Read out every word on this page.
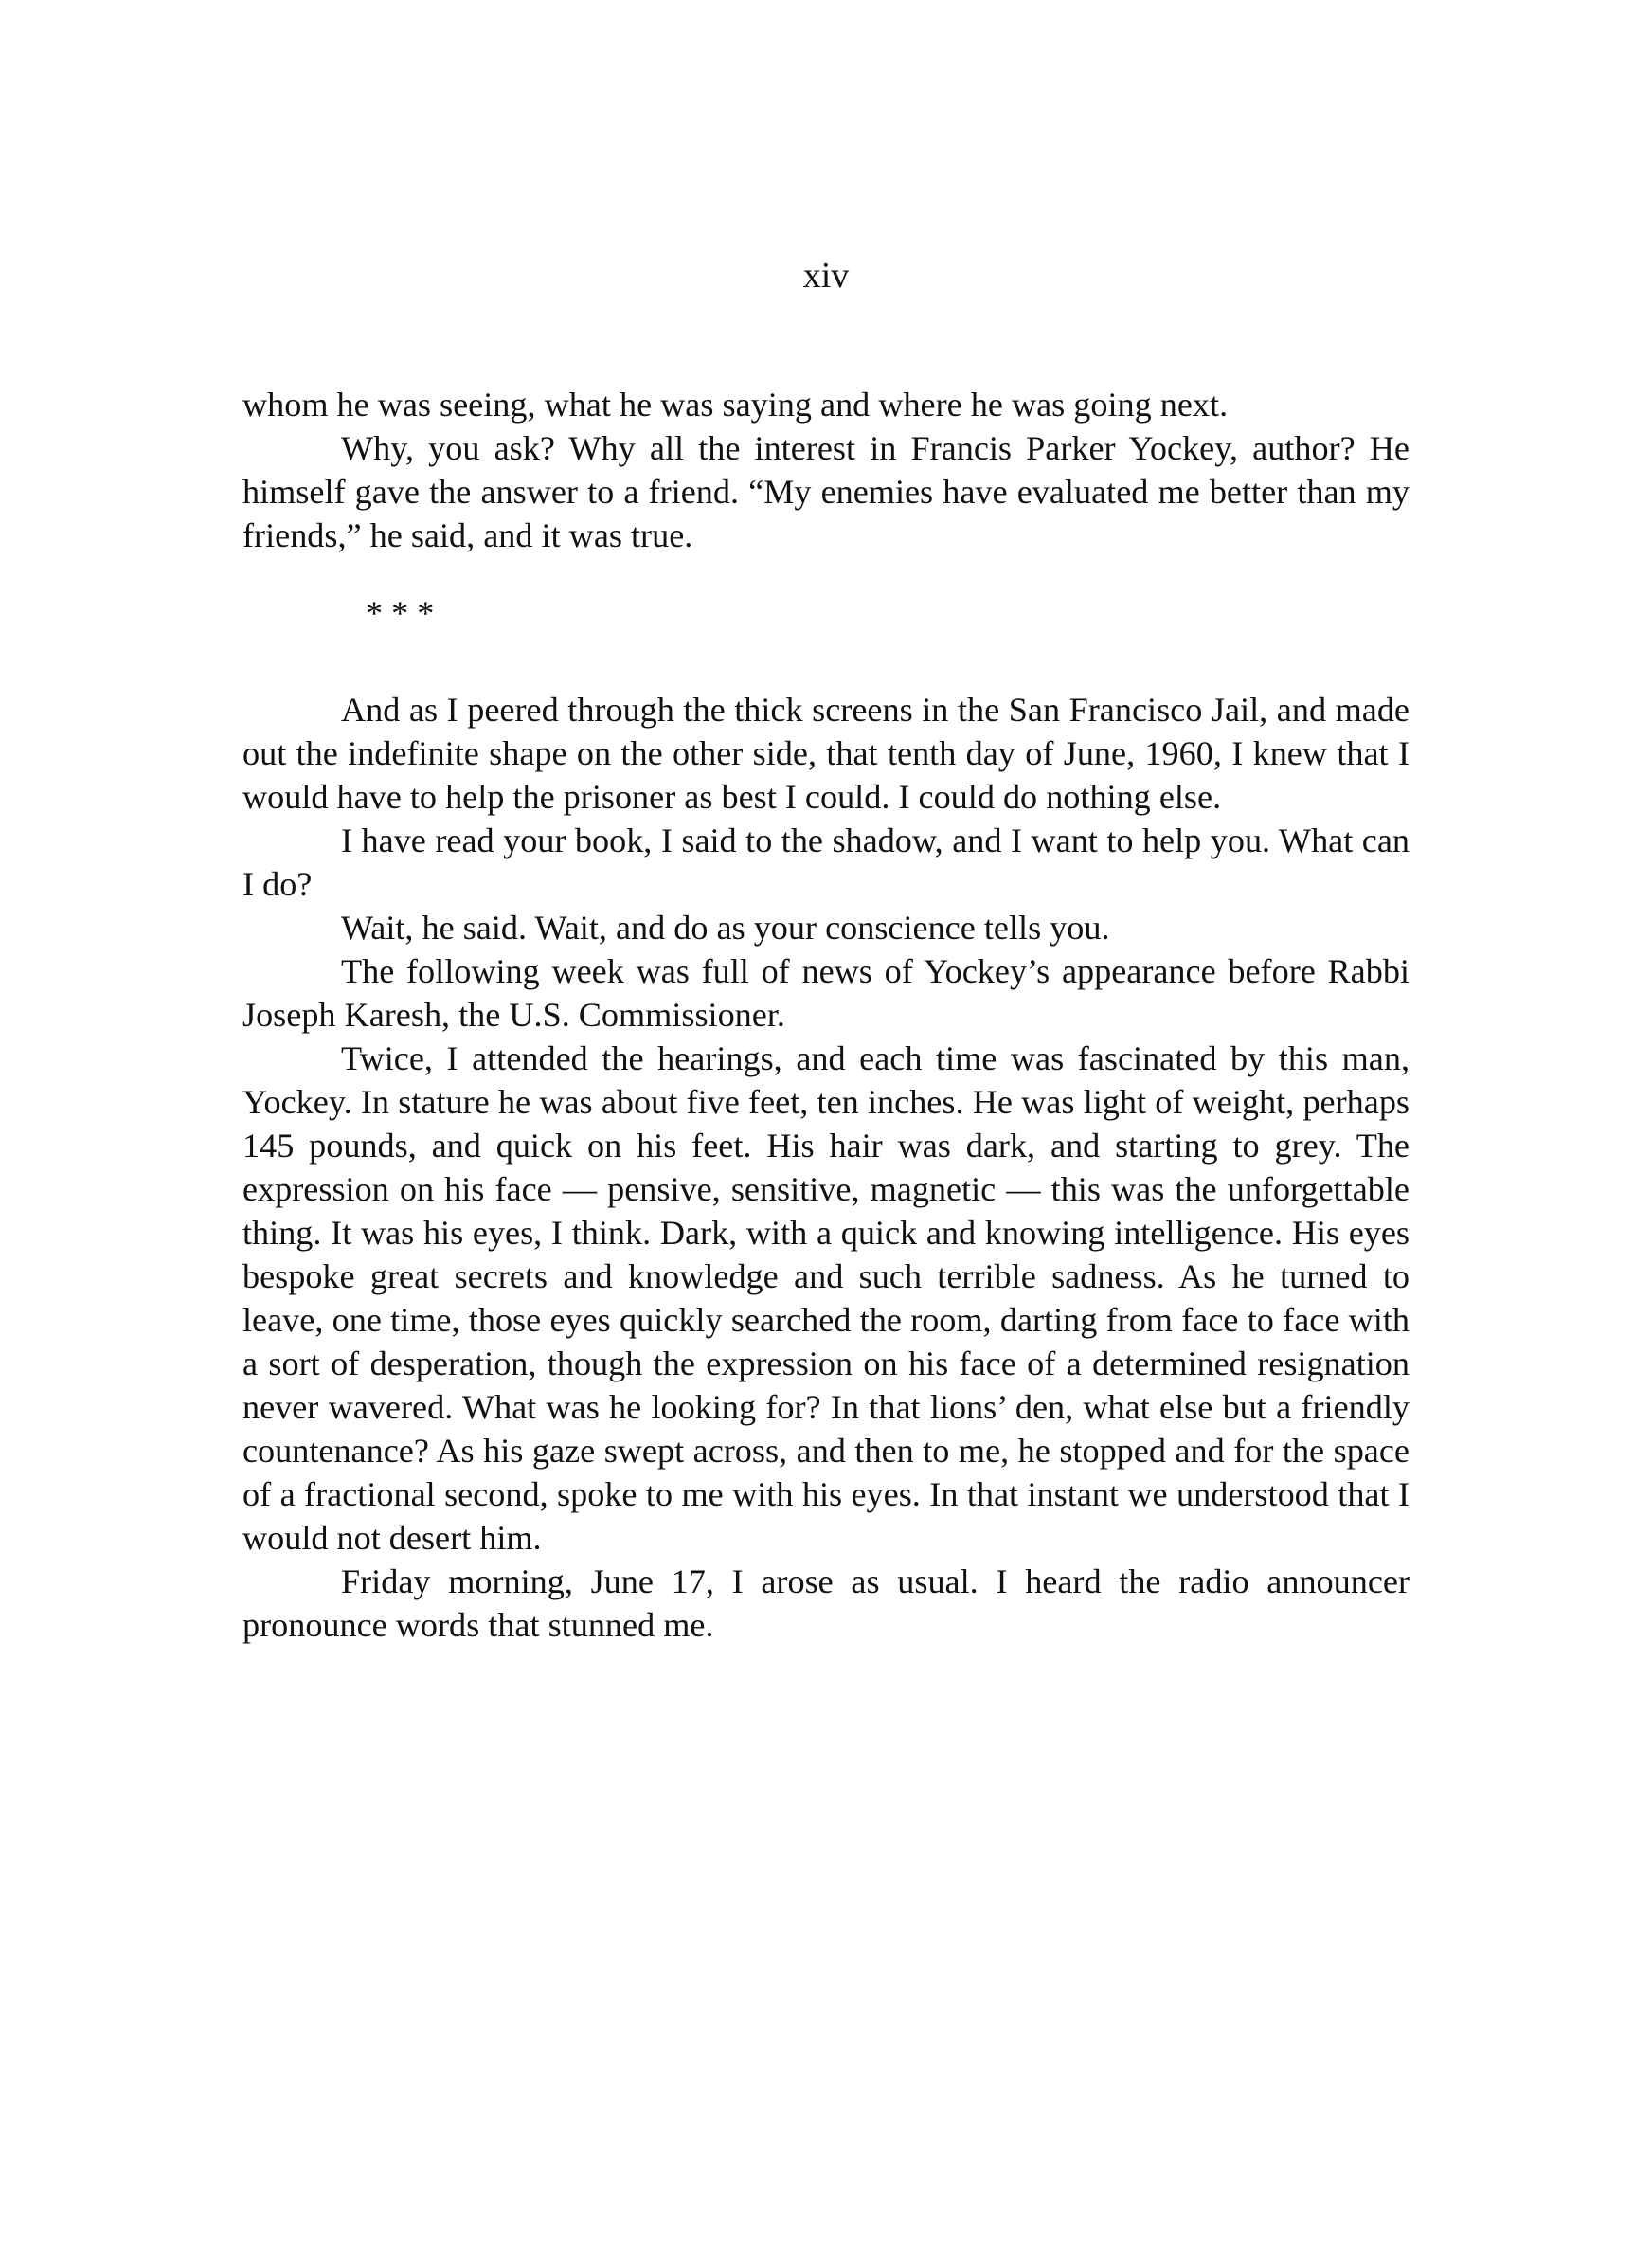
xiv

whom he was seeing, what he was saying and where he was going next.

Why, you ask? Why all the interest in Francis Parker Yockey, author? He himself gave the answer to a friend. “My enemies have evaluated me better than my friends,” he said, and it was true.

* * *

And as I peered through the thick screens in the San Francisco Jail, and made out the indefinite shape on the other side, that tenth day of June, 1960, I knew that I would have to help the prisoner as best I could. I could do nothing else.

I have read your book, I said to the shadow, and I want to help you. What can I do?

Wait, he said. Wait, and do as your conscience tells you.

The following week was full of news of Yockey’s appearance before Rabbi Joseph Karesh, the U.S. Commissioner.

Twice, I attended the hearings, and each time was fascinated by this man, Yockey. In stature he was about five feet, ten inches. He was light of weight, perhaps 145 pounds, and quick on his feet. His hair was dark, and starting to grey. The expression on his face — pensive, sensitive, magnetic — this was the unforgettable thing. It was his eyes, I think. Dark, with a quick and knowing intelligence. His eyes bespoke great secrets and knowledge and such terrible sadness. As he turned to leave, one time, those eyes quickly searched the room, darting from face to face with a sort of desperation, though the expression on his face of a determined resignation never wavered. What was he looking for? In that lions’ den, what else but a friendly countenance? As his gaze swept across, and then to me, he stopped and for the space of a fractional second, spoke to me with his eyes. In that instant we understood that I would not desert him.

Friday morning, June 17, I arose as usual. I heard the radio announcer pronounce words that stunned me.
